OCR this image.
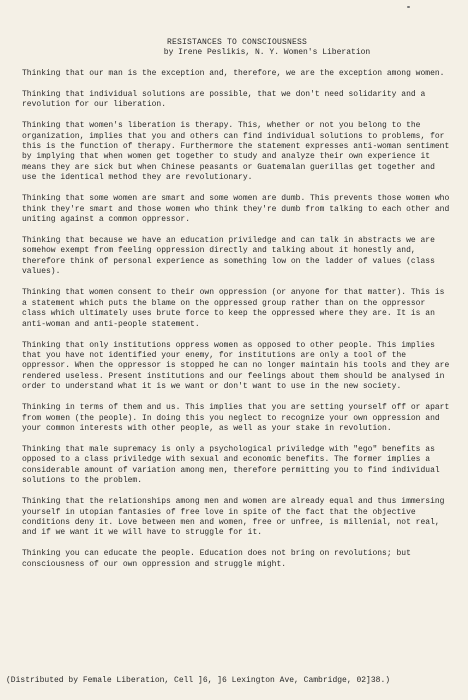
RESISTANCES TO CONSCIOUSNESS

by Irene Peslikis, N. Y. Women's Liberation

Thinking that our man is the exception and, therefore, we are the exception among women.

Thinking that individual solutions are possible, that we don't need solidarity and a revolution for our liberation.

Thinking that women's liberation is therapy. This, whether or not you belong to the organization, implies that you and others can find individual solutions to problems, for this is the function of therapy. Furthermore the statement expresses anti-woman sentiment by implying that when women get together to study and analyze their own experience it means they are sick but when Chinese peasants or Guatemalan guerillas get together and use the identical method they are revolutionary.

Thinking that some women are smart and some women are dumb. This prevents those women who think they're smart and those women who think they're dumb from talking to each other and uniting against a common oppressor.

Thinking that because we have an education priviledge and can talk in abstracts we are somehow exempt from feeling oppression directly and talking about it honestly and, therefore think of personal experience as something low on the ladder of values (class values).

Thinking that women consent to their own oppression (or anyone for that matter). This is a statement which puts the blame on the oppressed group rather than on the oppressor class which ultimately uses brute force to keep the oppressed where they are. It is an anti-woman and anti-people statement.

Thinking that only institutions oppress women as opposed to other people. This implies that you have not identified your enemy, for institutions are only a tool of the oppressor. When the oppressor is stopped he can no longer maintain his tools and they are rendered useless. Present institutions and our feelings about them should be analysed in order to understand what it is we want or don't want to use in the new society.

Thinking in terms of them and us. This implies that you are setting yourself off or apart from women (the people). In doing this you neglect to recognize your own oppression and your common interests with other people, as well as your stake in revolution.

Thinking that male supremacy is only a psychological priviledge with "ego" benefits as opposed to a class priviledge with sexual and economic benefits. The former implies a considerable amount of variation among men, therefore permitting you to find individual solutions to the problem.

Thinking that the relationships among men and women are already equal and thus immersing yourself in utopian fantasies of free love in spite of the fact that the objective conditions deny it. Love between men and women, free or unfree, is millenial, not real, and if we want it we will have to struggle for it.

Thinking you can educate the people. Education does not bring on revolutions; but consciousness of our own oppression and struggle might.

(Distributed by Female Liberation, Cell ]6, ]6 Lexington Ave, Cambridge, 02]38.)
